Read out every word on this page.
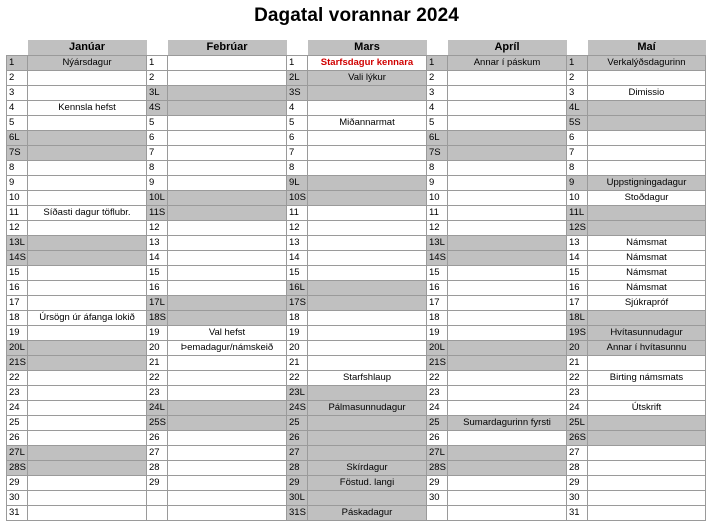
Dagatal vorannar 2024
	Janúar		Febrúar		Mars		Apríl		Maí
1	Nýársdagur	1		1	Starfsdagur kennara	1	Annar í páskum	1	Verkalýðsdagurinn
2		2		2L	Vali lýkur	2		2	
3		3L		3S		3		3	Dimissio
4	Kennsla hefst	4S		4		4		4L	
5		5		5	Miðannarmat	5		5S	
6L		6		6		6L		6	
7S		7		7		7S		7	
8		8		8		8		8	
9		9		9L		9		9	Uppstigningadagur
10		10L		10S		10		10	Stoðdagur
11	Síðasti dagur töflubr.	11S		11		11		11L	
12		12		12		12		12S	
13L		13		13		13L		13	Námsmat
14S		14		14		14S		14	Námsmat
15		15		15		15		15	Námsmat
16		16		16L		16		16	Námsmat
17		17L		17S		17		17	Sjúkrapróf
18	Úrsögn úr áfanga lokið	18S		18		18		18L	
19		19	Val hefst	19		19		19S	Hvítasunnudagur
20L		20	Þemadagur/námskeið	20		20L		20	Annar í hvítasunnu
21S		21		21		21S		21	
22		22		22	Starfshlaup	22		22	Birting námsmats
23		23		23L		23		23	
24		24L		24S	Pálmasunnudagur	24		24	Útskrift
25		25S		25		25	Sumardagurinn fyrsti	25L	
26		26		26		26		26S	
27L		27		27		27L		27	
28S		28		28	Skírdagur	28S		28	
29		29		29	Föstud. langi	29		29	
30				30L		30		30	
31				31S	Páskadagur			31	
